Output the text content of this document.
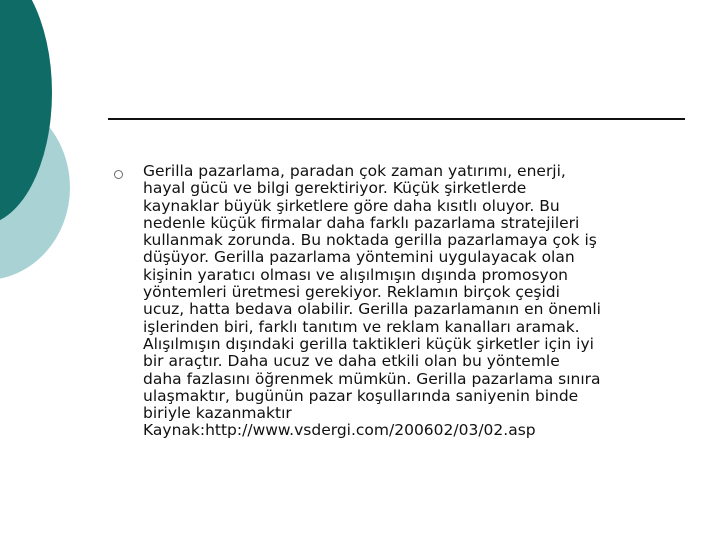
Gerilla pazarlama, paradan çok zaman yatırımı, enerji,
hayal gücü ve bilgi gerektiriyor. Küçük şirketlerde
kaynaklar büyük şirketlere göre daha kısıtlı oluyor. Bu
nedenle küçük firmalar daha farklı pazarlama stratejileri
kullanmak zorunda. Bu noktada gerilla pazarlamaya çok iş
düşüyor. Gerilla pazarlama yöntemini uygulayacak olan
kişinin yaratıcı olması ve alışılmışın dışında promosyon
yöntemleri üretmesi gerekiyor. Reklamın birçok çeşidi
ucuz, hatta bedava olabilir. Gerilla pazarlamanın en önemli
işlerinden biri, farklı tanıtım ve reklam kanalları aramak.
Alışılmışın dışındaki gerilla taktikleri küçük şirketler için iyi
bir araçtır. Daha ucuz ve daha etkili olan bu yöntemle
daha fazlasını öğrenmek mümkün. Gerilla pazarlama sınıra
ulaşmaktır, bugünün pazar koşullarında saniyenin binde
biriyle kazanmaktır

Kaynak:http://www.vsdergi.com/200602/03/02.asp
